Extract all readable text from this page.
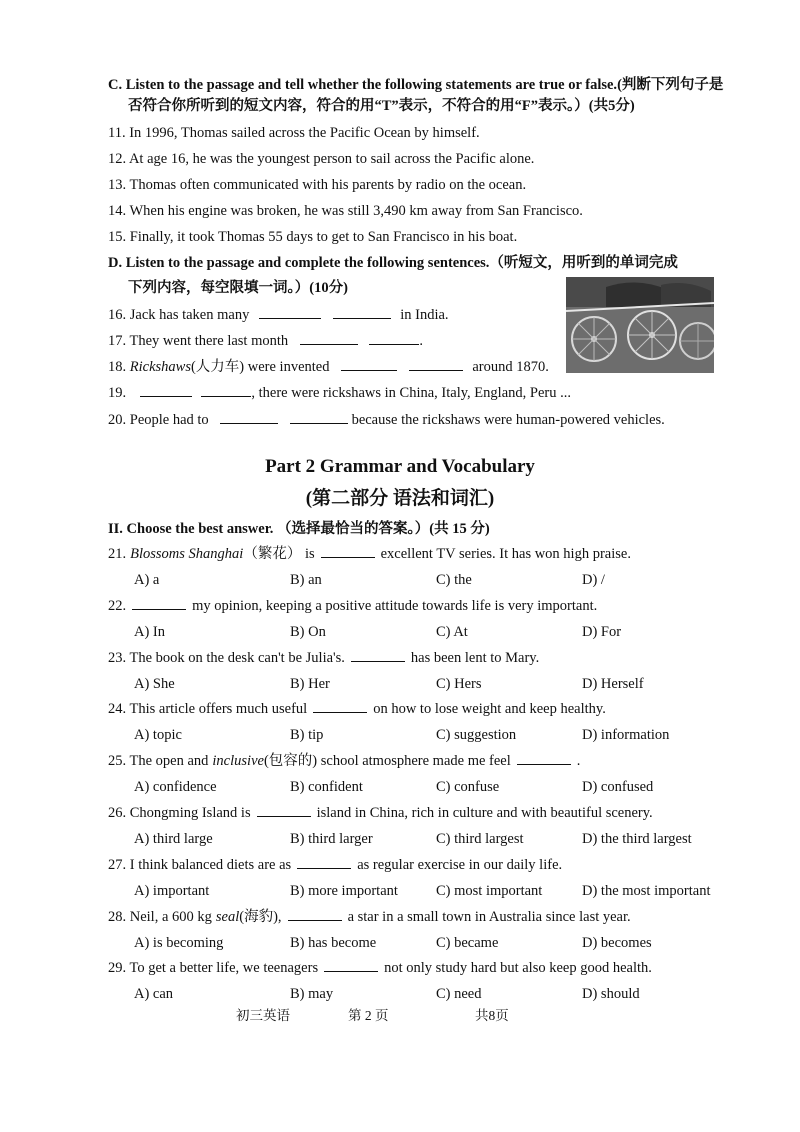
C. Listen to the passage and tell whether the following statements are true or false.(判断下列句子是
否符合你所听到的短文内容，符合的用“T”表示，不符合的用“F”表示。）(共5分)
11. In 1996, Thomas sailed across the Pacific Ocean by himself.
12. At age 16, he was the youngest person to sail across the Pacific alone.
13. Thomas often communicated with his parents by radio on the ocean.
14. When his engine was broken, he was still 3,490 km away from San Francisco.
15. Finally, it took Thomas 55 days to get to San Francisco in his boat.
D. Listen to the passage and complete the following sentences.（听短文，用听到的单词完成
下列内容，每空限填一词。）(10分)
16. Jack has taken many	in India.
17. They went there last month	.
18. Rickshaws(人力车) were invented	around 1870.
19.	, there were rickshaws in China, Italy, England, Peru ...
20. People had to	because the rickshaws were human-powered vehicles.
Part 2 Grammar and Vocabulary
(第二部分 语法和词汇)
II. Choose the best answer. （选择最恰当的答案。）(共 15 分)
21. Blossoms Shanghai（繁花） is	excellent TV series. It has won high praise.
A) a	B) an	C) the	D) /
22.	my opinion, keeping a positive attitude towards life is very important.
A) In	B) On	C) At	D) For
23. The book on the desk can't be Julia's.	has been lent to Mary.
A) She	B) Her	C) Hers	D) Herself
24. This article offers much useful	on how to lose weight and keep healthy.
A) topic	B) tip	C) suggestion	D) information
25. The open and inclusive(包容的) school atmosphere made me feel	.
A) confidence	B) confident	C) confuse	D) confused
26. Chongming Island is	island in China, rich in culture and with beautiful scenery.
A) third large	B) third larger	C) third largest	D) the third largest
27. I think balanced diets are as	as regular exercise in our daily life.
A) important	B) more important	C) most important	D) the most important
28. Neil, a 600 kg seal(海豹),	a star in a small town in Australia since last year.
A) is becoming	B) has become	C) became	D) becomes
29. To get a better life, we teenagers	not only study hard but also keep good health.
A) can	B) may	C) need	D) should
初三英语	第 2 页	共8页
